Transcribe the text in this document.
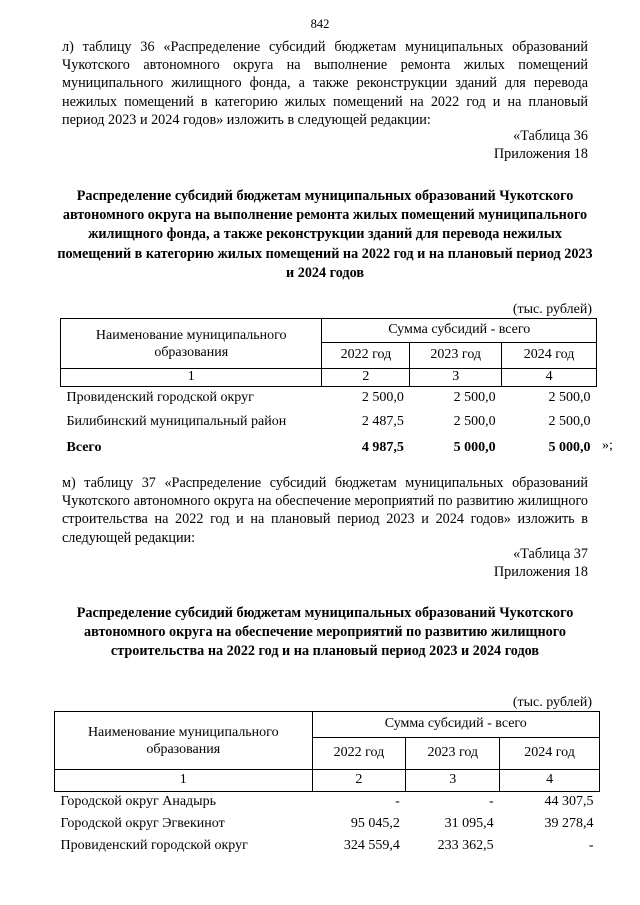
842
л) таблицу 36 «Распределение субсидий бюджетам муниципальных образований Чукотского автономного округа на выполнение ремонта жилых помещений муниципального жилищного фонда, а также реконструкции зданий для перевода нежилых помещений в категорию жилых помещений на 2022 год и на плановый период 2023 и 2024 годов» изложить в следующей редакции:
«Таблица 36
Приложения 18
Распределение субсидий бюджетам муниципальных образований Чукотского автономного округа на выполнение ремонта жилых помещений муниципального жилищного фонда, а также реконструкции зданий для перевода нежилых помещений в категорию жилых помещений на 2022 год и на плановый период 2023 и 2024 годов
(тыс. рублей)
Наименование муниципального образования	Сумма субсидий - всего		
	2022 год	2023 год	2024 год
1	2	3	4
Провиденский городской округ	2 500,0	2 500,0	2 500,0
Билибинский муниципальный район	2 487,5	2 500,0	2 500,0
Всего	4 987,5	5 000,0	5 000,0 »;
м) таблицу 37 «Распределение субсидий бюджетам муниципальных образований Чукотского автономного округа на обеспечение мероприятий по развитию жилищного строительства на 2022 год и на плановый период 2023 и 2024 годов» изложить в следующей редакции:
«Таблица 37
Приложения 18
Распределение субсидий бюджетам муниципальных образований Чукотского автономного округа на обеспечение мероприятий по развитию жилищного строительства на 2022 год и на плановый период 2023 и 2024 годов
(тыс. рублей)
Наименование муниципального образования	Сумма субсидий - всего		
	2022 год	2023 год	2024 год
1	2	3	4
Городской округ Анадырь	-	-	44 307,5
Городской округ Эгвекинот	95 045,2	31 095,4	39 278,4
Провиденский городской округ	324 559,4	233 362,5	-
